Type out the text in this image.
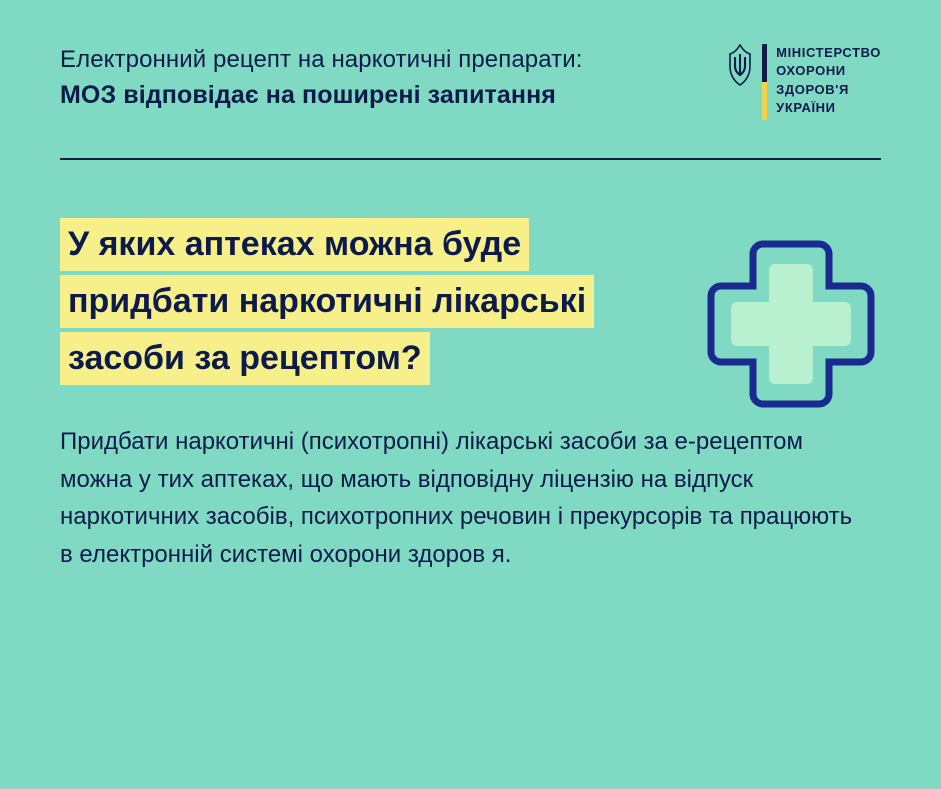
Електронний рецепт на наркотичні препарати:
МОЗ відповідає на поширені запитання
МІНІСТЕРСТВО
ОХОРОНИ
ЗДОРОВ'Я
УКРАЇНИ
У яких аптеках можна буде
придбати наркотичні лікарські
засоби за рецептом?
Придбати наркотичні (психотропні) лікарські засоби за е-рецептом можна у тих аптеках, що мають відповідну ліцензію на відпуск наркотичних засобів, психотропних речовин і прекурсорів та працюють в електронній системі охорони здоров я.
